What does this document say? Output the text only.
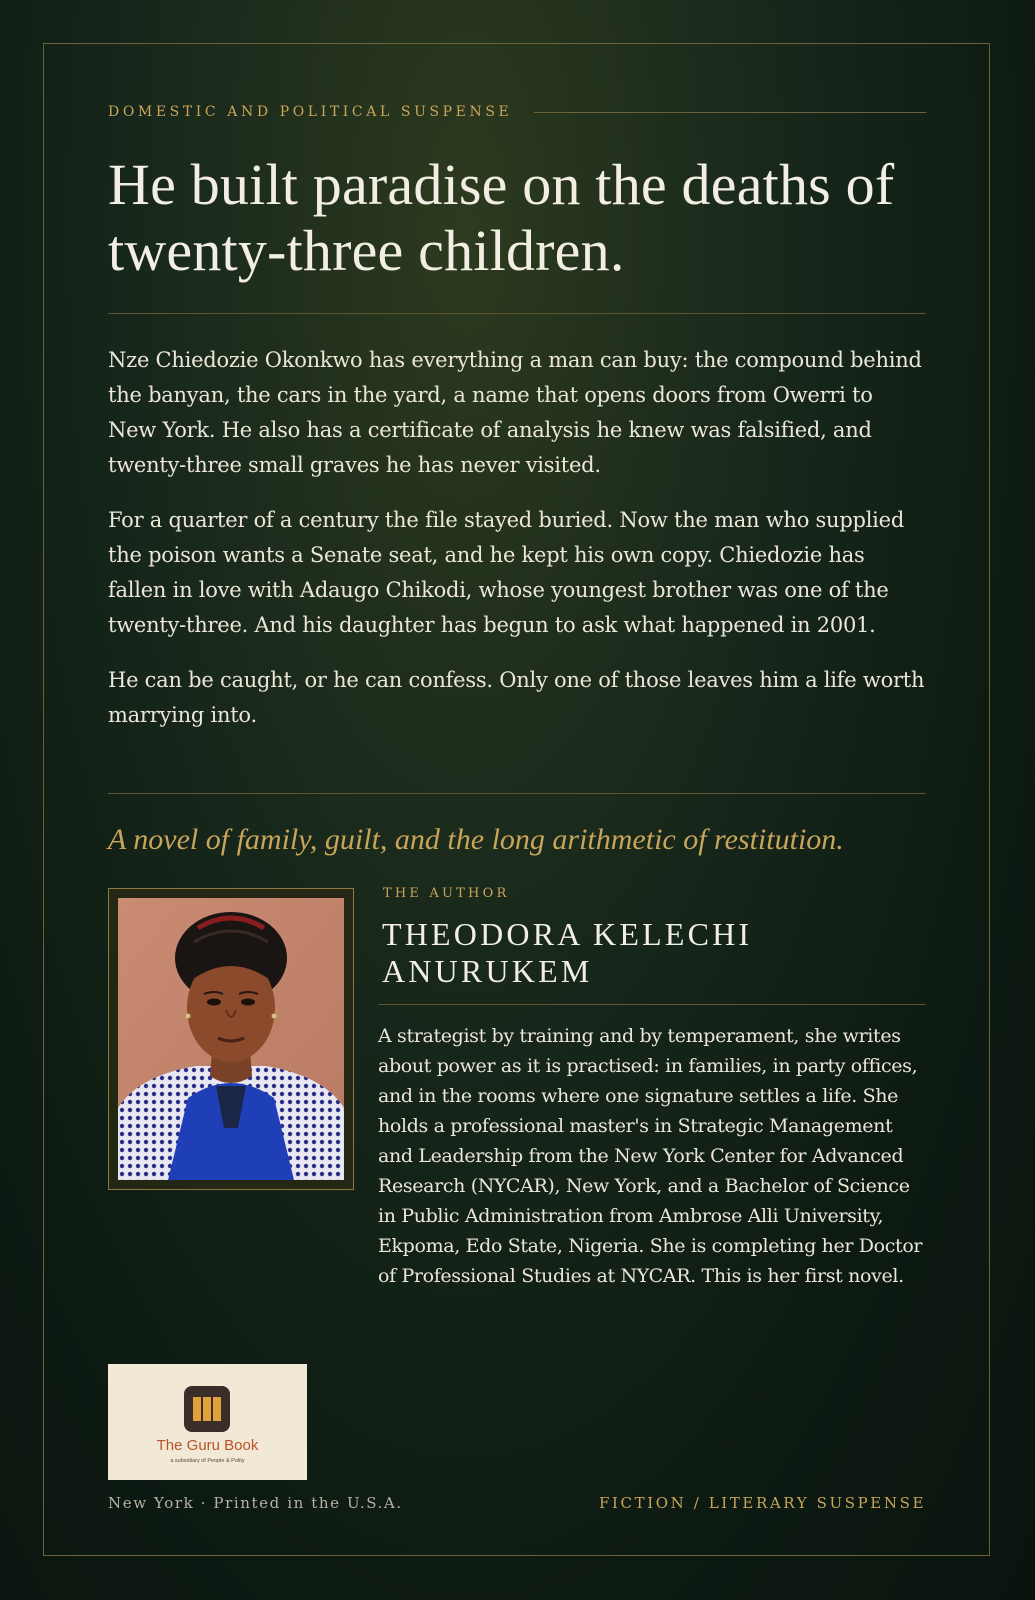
DOMESTIC AND POLITICAL SUSPENSE
He built paradise on the deaths of
twenty-three children.

Nze Chiedozie Okonkwo has everything a man can buy: the compound behind the banyan, the cars in the yard, a name that opens doors from Owerri to New York. He also has a certificate of analysis he knew was falsified, and twenty-three small graves he has never visited.

For a quarter of a century the file stayed buried. Now the man who supplied the poison wants a Senate seat, and he kept his own copy. Chiedozie has fallen in love with Adaugo Chikodi, whose youngest brother was one of the twenty-three. And his daughter has begun to ask what happened in 2001.

He can be caught, or he can confess. Only one of those leaves him a life worth marrying into.

A novel of family, guilt, and the long arithmetic of restitution.

THE AUTHOR
THEODORA KELECHI
ANURUKEM
A strategist by training and by temperament, she writes about power as it is practised: in families, in party offices, and in the rooms where one signature settles a life. She holds a professional master's in Strategic Management and Leadership from the New York Center for Advanced Research (NYCAR), New York, and a Bachelor of Science in Public Administration from Ambrose Alli University, Ekpoma, Edo State, Nigeria. She is completing her Doctor of Professional Studies at NYCAR. This is her first novel.
The Guru Book
a subsidiary of People & Polity
New York · Printed in the U.S.A.	FICTION / LITERARY SUSPENSE
